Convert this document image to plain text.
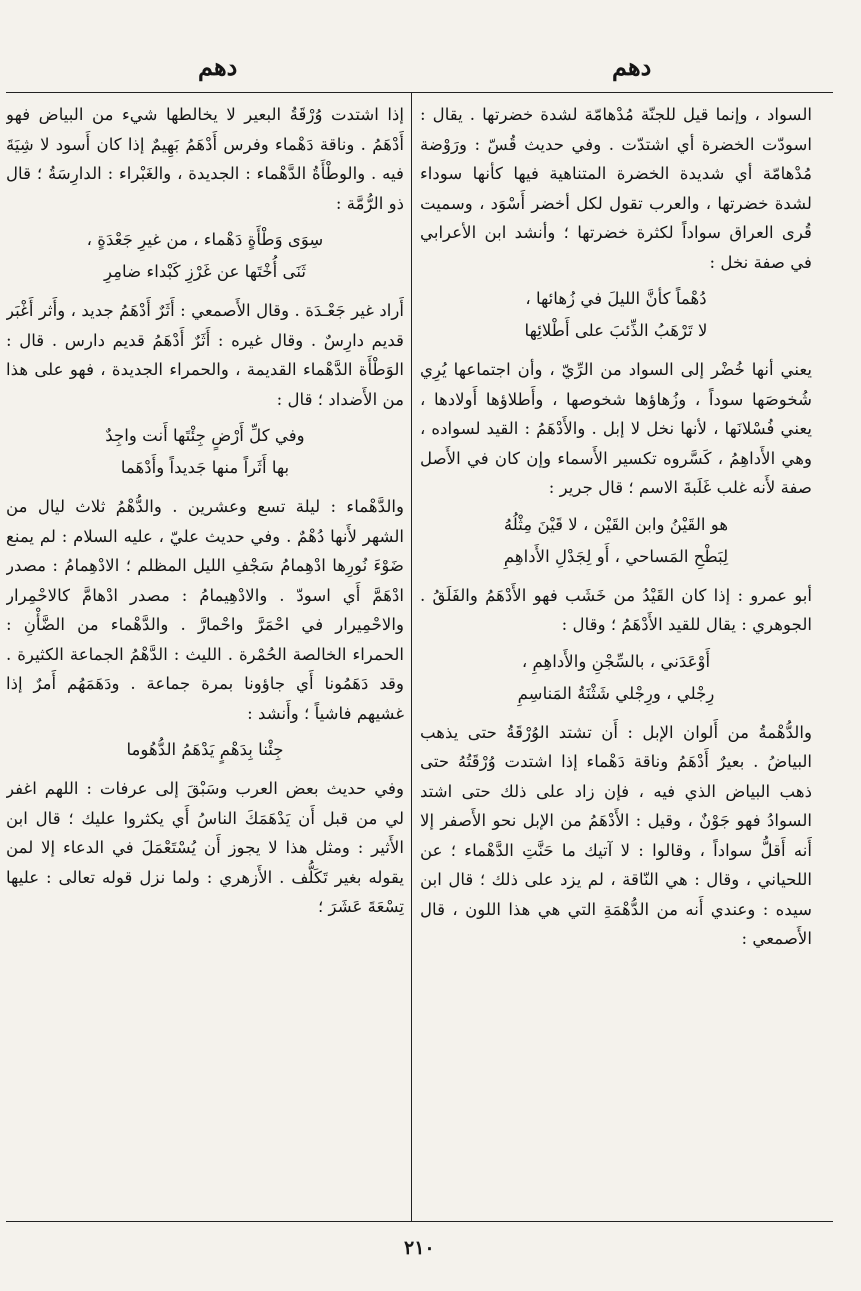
دهم	دهم

السواد ، وإنما قيل للجنّة مُدْهامّة لشدة خضرتها . يقال : اسودّت الخضرة أي اشتدّت . وفي حديث قُسّ : ورَوْضة مُدْهامّة أي شديدة الخضرة المتناهية فيها كأنها سوداء لشدة خضرتها ، والعرب تقول لكل أخضر أَسْوَد ، وسميت قُرى العراق سواداً لكثرة خضرتها ؛ وأنشد ابن الأعرابي في صفة نخل :

دُهْماً كأنَّ الليلَ في زُهائها ،
لا تَرْهَبُ الذِّئبَ على أَطْلائِها

يعني أنها خُضْر إلى السواد من الرِّيّ ، وأن اجتماعها يُرِي شُخوصَها سوداً ، وزُهاؤها شخوصها ، وأَطلاؤها أَولادها ، يعني فُسْلانَها ، لأنها نخل لا إبل . والأَدْهَمُ : القيد لسواده ، وهي الأَداهِمُ ، كَسَّروه تكسير الأَسماء وإن كان في الأَصل صفة لأَنه غلب غَلَبةَ الاسم ؛ قال جرير :

هو القَيْنُ وابن القَيْن ، لا قَيْنَ مِثْلُهُ
لِبَطْحِ المَساحي ، أَو لِجَدْلِ الأَداهِمِ

أبو عمرو : إذا كان القَيْدُ من خَشَب فهو الأَدْهَمُ والفَلَقُ . الجوهري : يقال للقيد الأَدْهَمُ ؛ وقال :

أَوْعَدَني ، بالسِّجْنِ والأَداهِمِ ،
رِجْلي ، ورِجْلي شَثْنَةُ المَناسِمِ

والدُّهْمةُ من أَلوان الإبل : أَن تشتد الوُرْقَةُ حتى يذهب البياضُ . بعيرٌ أَدْهَمُ وناقة دَهْماء إذا اشتدت وُرْقَتُهُ حتى ذهب البياض الذي فيه ، فإن زاد على ذلك حتى اشتد السوادُ فهو جَوْنٌ ، وقيل : الأَدْهَمُ من الإبل نحو الأَصفر إلا أَنه أَقلُّ سواداً ، وقالوا : لا آتيك ما حَنَّتِ الدَّهْماء ؛ عن اللحياني ، وقال : هي النّاقة ، لم يزد على ذلك ؛ قال ابن سيده : وعندي أَنه من الدُّهْمَةِ التي هي هذا اللون ، قال الأَصمعي :

إذا اشتدت وُرْقَةُ البعير لا يخالطها شيء من البياض فهو أَدْهَمُ . وناقة دَهْماء وفرس أَدْهَمُ بَهِيمٌ إذا كان أَسود لا شِيَةَ فيه . والوطْأَةُ الدَّهْماء : الجديدة ، والغَبْراء : الدارِسَةُ ؛ قال ذو الرُّمَّة :

سِوَى وَطْأَةٍ دَهْماء ، من غيرِ جَعْدَةٍ ،
ثَنَى أُخْتَها عن غَرْزِ كَبْداء ضامِرِ

أَراد غير جَعْـدَة . وقال الأَصمعي : أَثَرٌ أَدْهَمُ جديد ، وأَثر أَغْبَر قديم دارِسٌ . وقال غيره : أَثَرٌ أَدْهَمُ قديم دارس . قال : الوَطْأَة الدَّهْماء القديمة ، والحمراء الجديدة ، فهو على هذا من الأَضداد ؛ قال :

وفي كلِّ أَرْضٍ جِئْتَها أَنت واجِدٌ
بها أَثَراً منها جَديداً وأَدْهَما

والدَّهْماء : ليلة تسع وعشرين . والدُّهْمُ ثلاث ليال من الشهر لأَنها دُهْمٌ . وفي حديث عليّ ، عليه السلام : لم يمنع ضَوْءَ نُورِها ادْهِمامُ سَجْفِ الليل المظلم ؛ الادْهِمامُ : مصدر ادْهَمَّ أَي اسودّ . والادْهِيمامُ : مصدر ادْهامَّ كالاحْمِرار والاحْمِيرار في احْمَرَّ واحْمارَّ . والدَّهْماء من الضَّأْنِ : الحمراء الخالصة الحُمْرة . الليث : الدَّهْمُ الجماعة الكثيرة . وقد دَهَمُونا أَي جاؤونا بمرة جماعة . ودَهَمَهُم أَمرٌ إذا غشيهم فاشياً ؛ وأَنشد :

جِئْنا بِدَهْمٍ يَدْهَمُ الدُّهُوما

وفي حديث بعض العرب وسَبْقَ إلى عرفات : اللهم اغفر لي من قبل أَن يَدْهَمَكَ الناسُ أَي يكثروا عليك ؛ قال ابن الأَثير : ومثل هذا لا يجوز أَن يُسْتَعْمَلَ في الدعاء إلا لمن يقوله بغير تَكَلُّف . الأَزهري : ولما نزل قوله تعالى : عليها تِسْعَةَ عَشَرَ ؛

٢١٠
